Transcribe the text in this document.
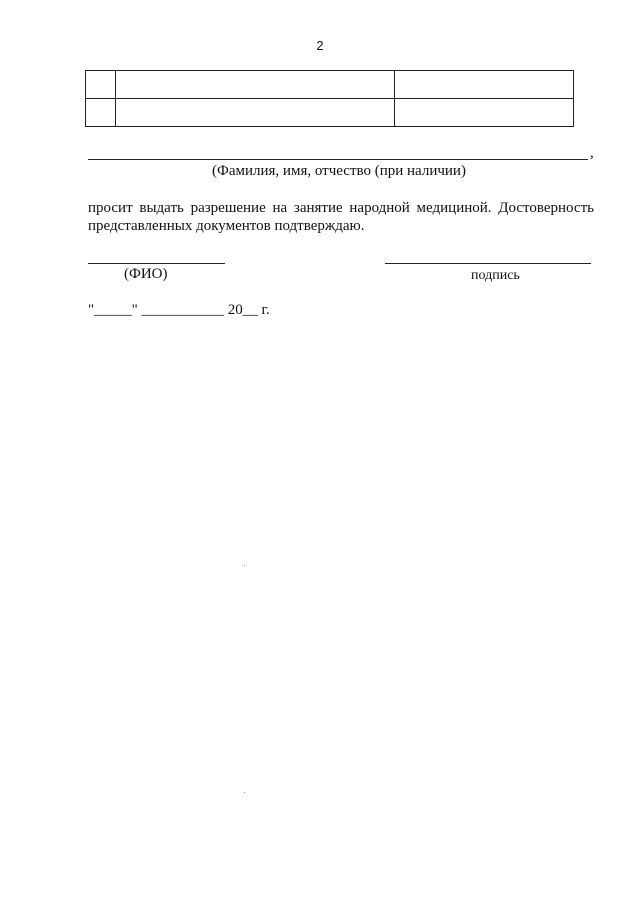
2

,
(Фамилия, имя, отчество (при наличии)
просит выдать разрешение на занятие народной медициной. Достоверность
представленных документов подтверждаю.
(ФИО)	подпись
"_____" ___________ 20__ г.
